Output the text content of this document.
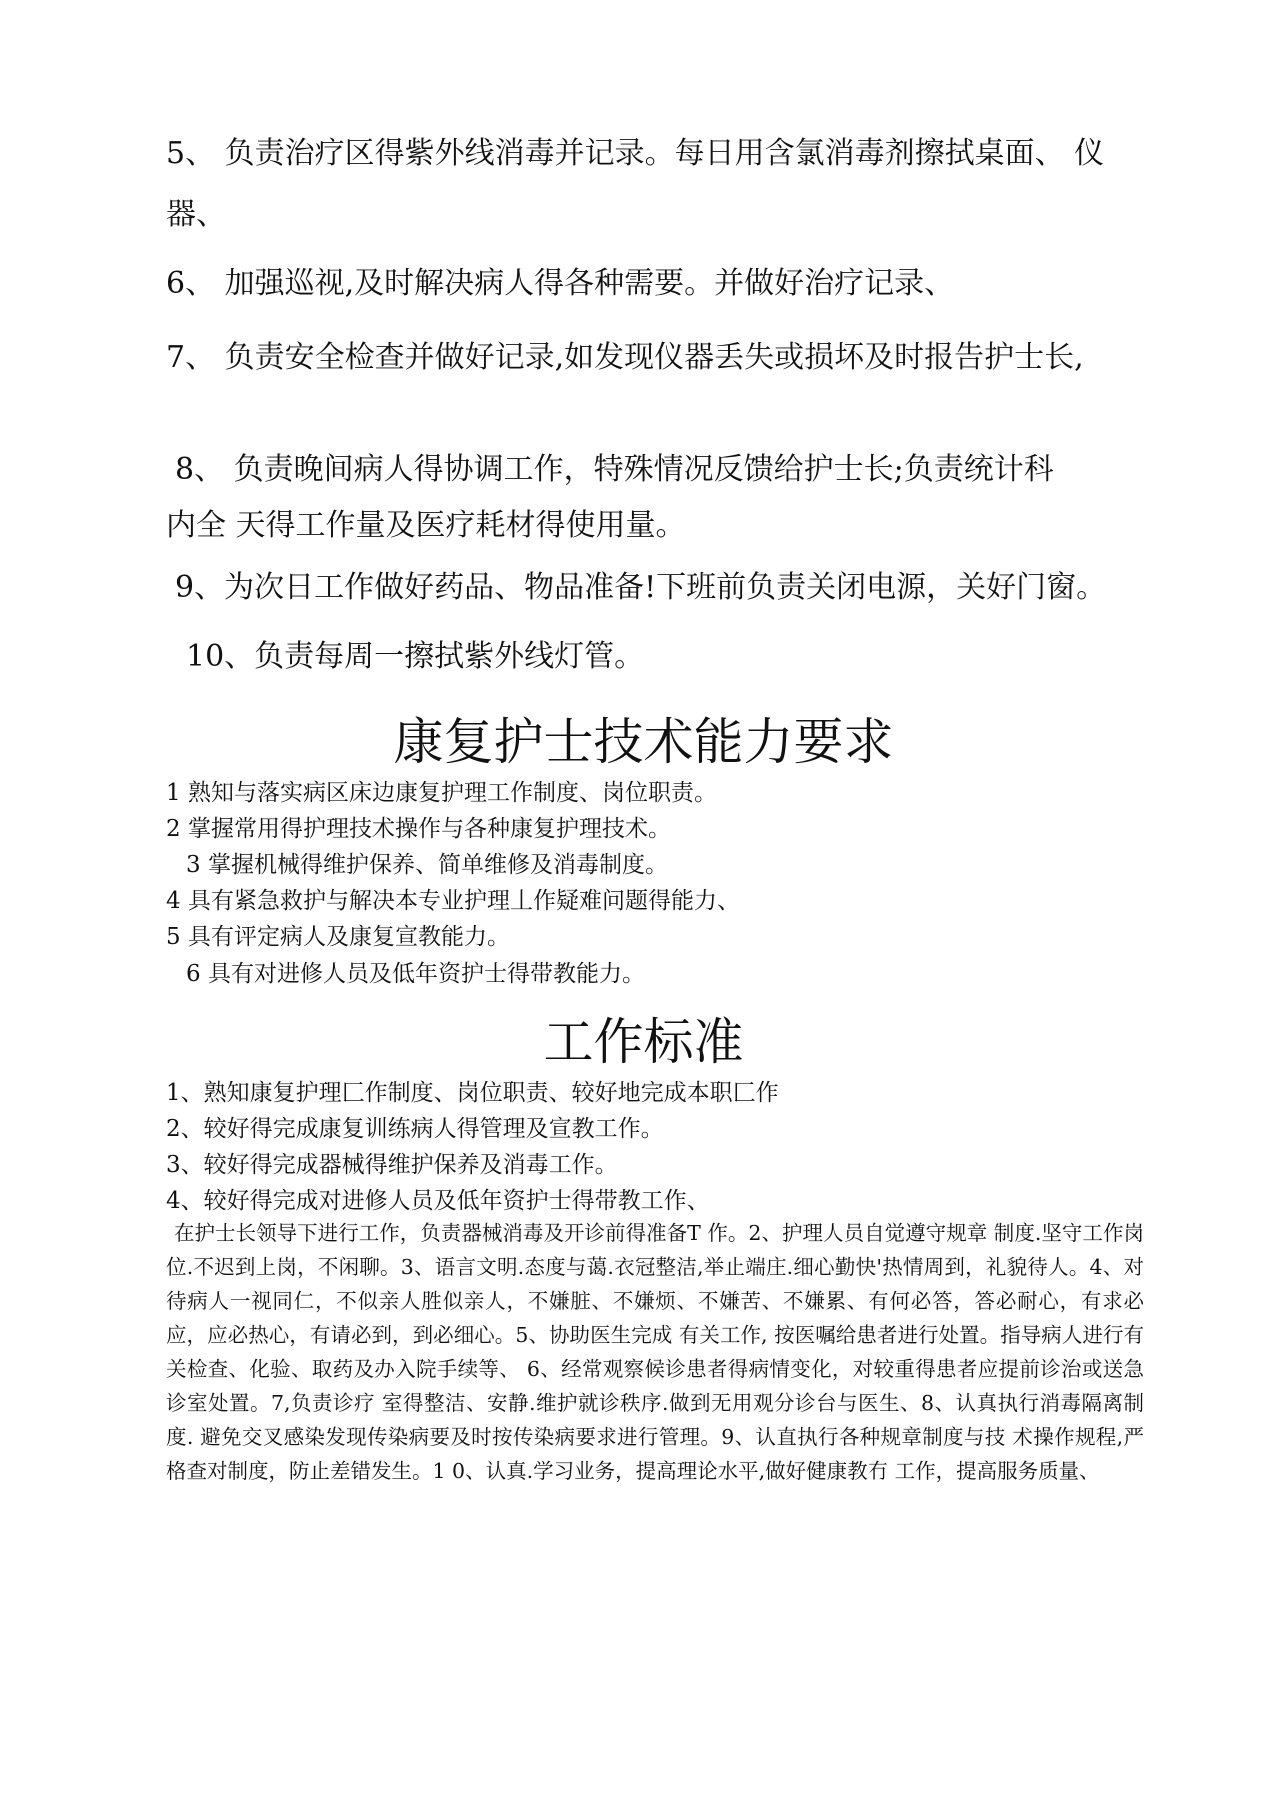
5、 负责治疗区得紫外线消毒并记录。每日用含氯消毒剂擦拭桌面、 仪
器、
6、 加强巡视,及时解决病人得各种需要。并做好治疗记录、
7、 负责安全检查并做好记录,如发现仪器丢失或损坏及时报告护士长,
8、 负责晚间病人得协调工作，特殊情况反馈给护士长;负责统计科
内全 天得工作量及医疗耗材得使用量。
9、为次日工作做好药品、物品准备!下班前负责关闭电源，关好门窗。
10、负责每周一擦拭紫外线灯管。
康复护士技术能力要求
1 熟知与落实病区床边康复护理工作制度、岗位职责。
2 掌握常用得护理技术操作与各种康复护理技术。
3 掌握机械得维护保养、简单维修及消毒制度。
4 具有紧急救护与解决本专业护理丄作疑难问题得能力、
5 具有评定病人及康复宣教能力。
6 具有对进修人员及低年资护士得带教能力。
工作标准
1、熟知康复护理匚作制度、岗位职责、较好地完成本职匚作
2、较好得完成康复训练病人得管理及宣教工作。
3、较好得完成器械得维护保养及消毒工作。
4、较好得完成对进修人员及低年资护士得带教工作、

在护士长领导下进行工作，负责器械消毒及开诊前得准备T 作。2、护理人员自觉遵守规章 制度.坚守工作岗位.不迟到上岗，不闲聊。3、语言文明.态度与蔼.衣冠整洁,举止端庄.细心勤快'热情周到，礼貌待人。4、对待病人一视同仁，不似亲人胜似亲人，不嫌脏、不嫌烦、不嫌苦、不嫌累、有何必答，答必耐心，有求必应，应必热心，有请必到，到必细心。5、协助医生完成 有关工作, 按医嘱给患者进行处置。指导病人进行有关检查、化验、取药及办入院手续等、 6、经常观察候诊患者得病情变化，对较重得患者应提前诊治或送急诊室处置。7,负责诊疗 室得整洁、安静.维护就诊秩序.做到无用观分诊台与医生、8、认真执行消毒隔离制度. 避免交叉感染发现传染病要及时按传染病要求进行管理。9、认直执行各种规章制度与技 术操作规程,严格查对制度，防止差错发生。1 0、认真.学习业务，提高理论水平,做好健康教冇 工作，提高服务质量、
